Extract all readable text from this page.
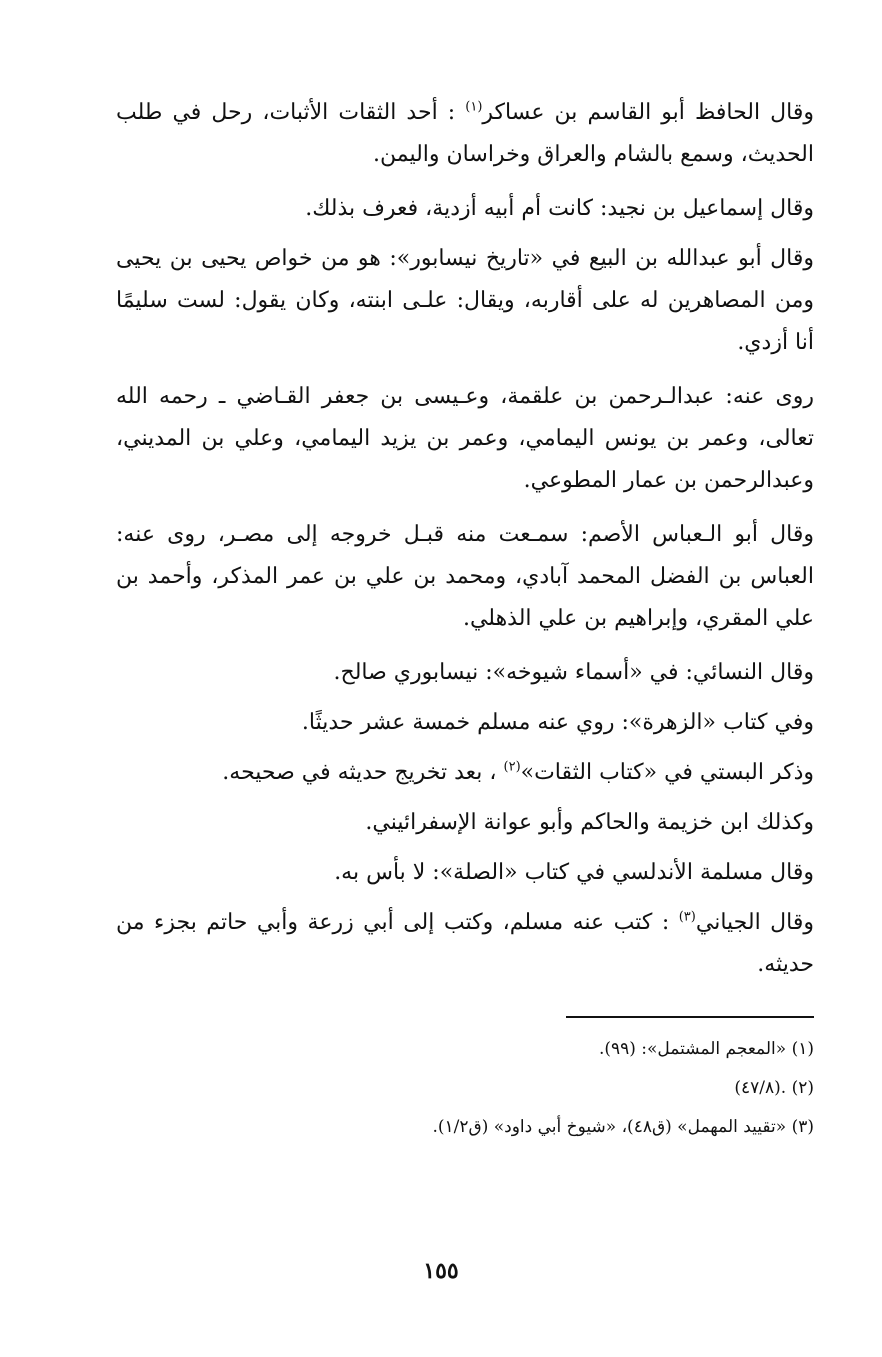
وقال الحافظ أبو القاسم بن عساكر$^{(١)}$ : أحد الثقات الأثبات، رحل في طلب الحديث، وسمع بالشام والعراق وخراسان واليمن.

وقال إسماعيل بن نجيد: كانت أم أبيه أزدية، فعرف بذلك.

وقال أبو عبدالله بن البيع في «تاريخ نيسابور»: هو من خواص يحيى بن يحيى ومن المصاهرين له على أقاربه، ويقال: علـى ابنته، وكان يقول: لست سليمًا أنا أزدي.

روى عنه: عبدالـرحمن بن علقمة، وعـيسى بن جعفر القـاضي ـ رحمه الله تعالى، وعمر بن يونس اليمامي، وعمر بن يزيد اليمامي، وعلي بن المديني، وعبدالرحمن بن عمار المطوعي.

وقال أبو الـعباس الأصم: سمـعت منه قبـل خروجه إلى مصـر، روى عنه: العباس بن الفضل المحمد آبادي، ومحمد بن علي بن عمر المذكر، وأحمد بن علي المقري، وإبراهيم بن علي الذهلي.

وقال النسائي: في «أسماء شيوخه»: نيسابوري صالح.

وفي كتاب «الزهرة»: روي عنه مسلم خمسة عشر حديثًا.

وذكر البستي في «كتاب الثقات»$^{(٢)}$ ، بعد تخريج حديثه في صحيحه.

وكذلك ابن خزيمة والحاكم وأبو عوانة الإسفرائيني.

وقال مسلمة الأندلسي في كتاب «الصلة»: لا بأس به.

وقال الجياني$^{(٣)}$ : كتب عنه مسلم، وكتب إلى أبي زرعة وأبي حاتم بجزء من حديثه.

(١) «المعجم المشتمل»: (٩٩).

(٢) .(٤٧/٨)

(٣) «تقييد المهمل» (ق٤٨)، «شيوخ أبي داود» (ق١/٢).

١٥٥
